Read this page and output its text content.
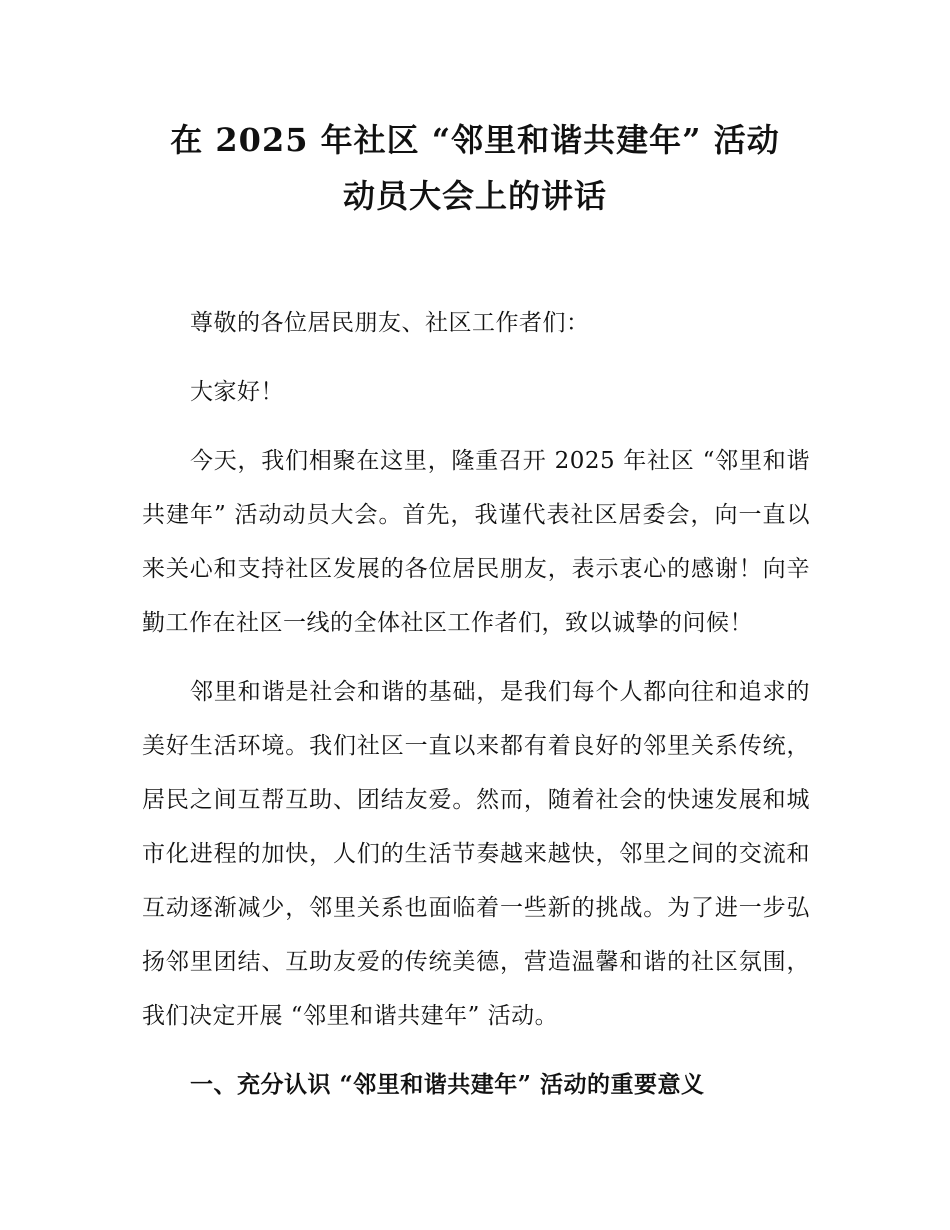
在 2025 年社区 “邻里和谐共建年” 活动
动员大会上的讲话

尊敬的各位居民朋友、社区工作者们：

大家好！

今天，我们相聚在这里，隆重召开 2025 年社区 “邻里和谐共建年” 活动动员大会。首先，我谨代表社区居委会，向一直以来关心和支持社区发展的各位居民朋友，表示衷心的感谢！向辛勤工作在社区一线的全体社区工作者们，致以诚挚的问候！

邻里和谐是社会和谐的基础，是我们每个人都向往和追求的美好生活环境。我们社区一直以来都有着良好的邻里关系传统，居民之间互帮互助、团结友爱。然而，随着社会的快速发展和城市化进程的加快，人们的生活节奏越来越快，邻里之间的交流和互动逐渐减少，邻里关系也面临着一些新的挑战。为了进一步弘扬邻里团结、互助友爱的传统美德，营造温馨和谐的社区氛围，我们决定开展 “邻里和谐共建年” 活动。

一、充分认识 “邻里和谐共建年” 活动的重要意义
